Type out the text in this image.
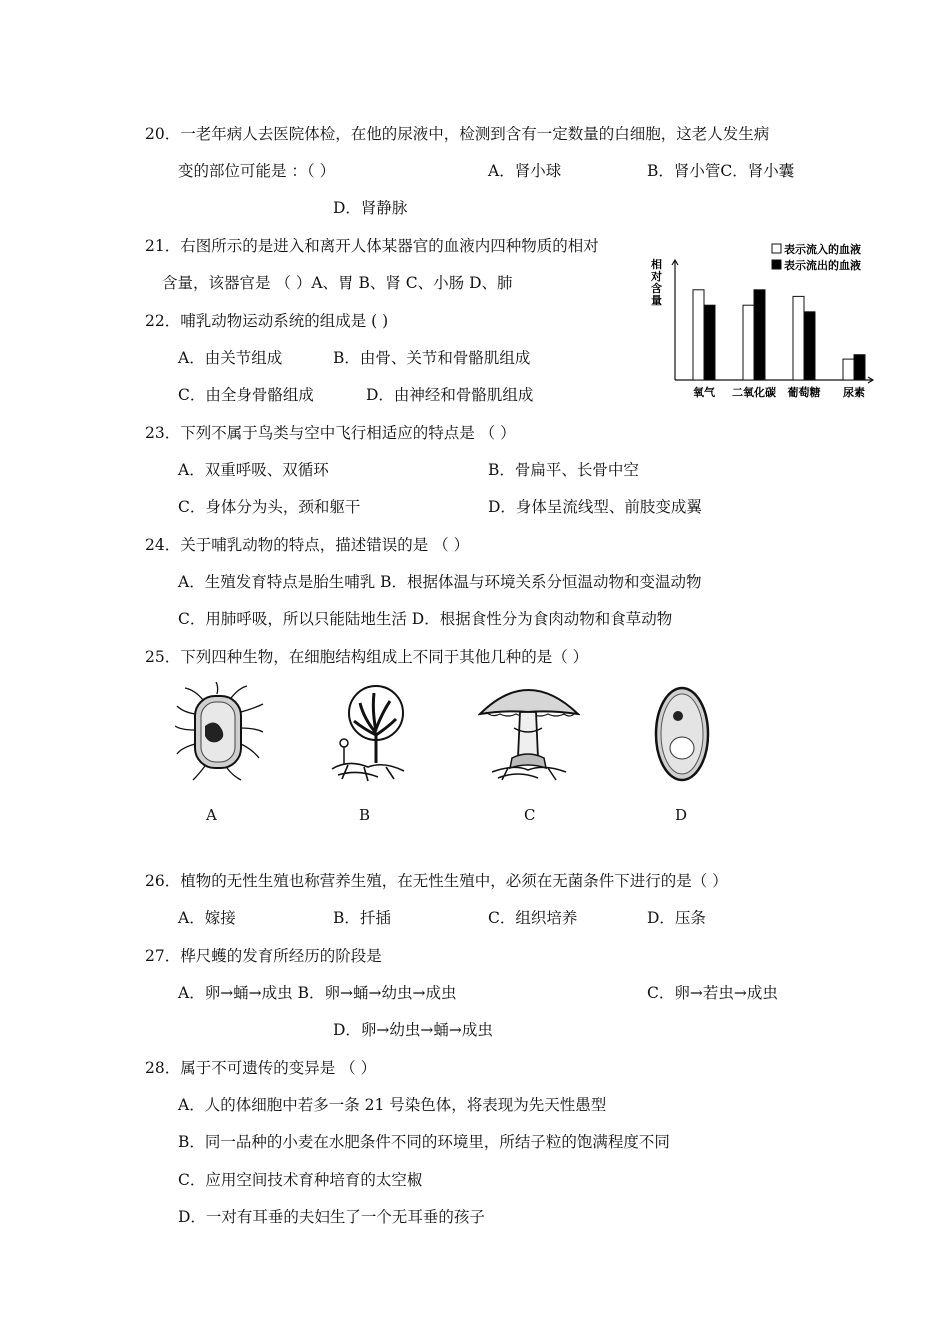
20．一老年病人去医院体检，在他的尿液中，检测到含有一定数量的白细胞，这老人发生病
变的部位可能是 ：（ ）	A．肾小球	B．肾小管C．肾小囊
D．肾静脉
21．右图所示的是进入和离开人体某器官的血液内四种物质的相对
含量，该器官是 （ ）A、胃 B、肾 C、小肠 D、肺
表示流入的血液
表示流出的血液
相对含量
氧气 二氧化碳 葡萄糖 尿素
22．哺乳动物运动系统的组成是 ( )
A．由关节组成	B．由骨、关节和骨骼肌组成
C．由全身骨骼组成	D．由神经和骨骼肌组成
23．下列不属于鸟类与空中飞行相适应的特点是 （ ）
A．双重呼吸、双循环	B．骨扁平、长骨中空
C．身体分为头，颈和躯干	D．身体呈流线型、前肢变成翼
24．关于哺乳动物的特点，描述错误的是 （ ）
A．生殖发育特点是胎生哺乳 B．根据体温与环境关系分恒温动物和变温动物
C．用肺呼吸，所以只能陆地生活 D．根据食性分为食肉动物和食草动物
25．下列四种生物，在细胞结构组成上不同于其他几种的是（ ）
A	B	C	D
26．植物的无性生殖也称营养生殖，在无性生殖中，必须在无菌条件下进行的是（ ）
A．嫁接	B．扦插	C．组织培养	D．压条
27．桦尺蠖的发育所经历的阶段是
A．卵→蛹→成虫 B．卵→蛹→幼虫→成虫	C．卵→若虫→成虫
D．卵→幼虫→蛹→成虫
28．属于不可遗传的变异是 （ ）
A．人的体细胞中若多一条 21 号染色体，将表现为先天性愚型
B．同一品种的小麦在水肥条件不同的环境里，所结子粒的饱满程度不同
C．应用空间技术育种培育的太空椒
D．一对有耳垂的夫妇生了一个无耳垂的孩子
